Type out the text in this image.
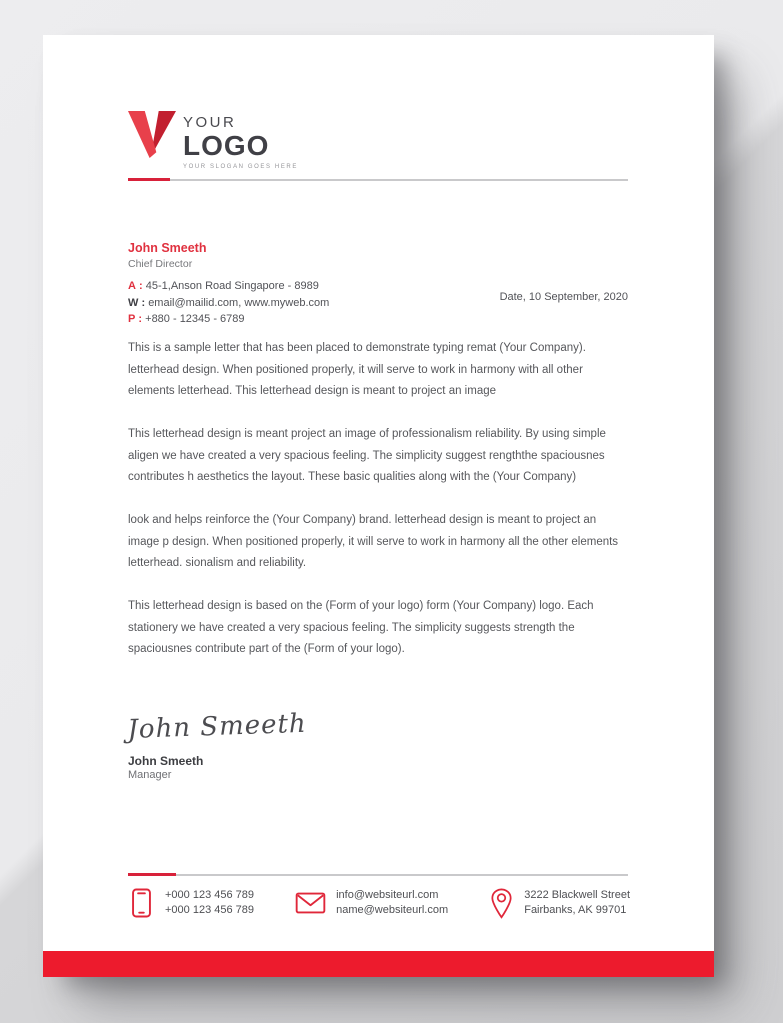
YOUR
LOGO
YOUR SLOGAN GOES HERE
John Smeeth
Chief Director
A : 45-1,Anson Road Singapore - 8989
W : email@mailid.com, www.myweb.com
P : +880 - 12345 - 6789
Date, 10 September, 2020

This is a sample letter that has been placed to demonstrate typing remat (Your Company). letterhead design. When positioned properly, it will serve to work in harmony with all other elements letterhead. This letterhead design is meant to project an image

This letterhead design is meant project an image of professionalism reliability. By using simple aligen we have created a very spacious feeling. The simplicity suggest rengththe spaciousnes contributes h aesthetics the layout. These basic qualities along with the (Your Company)

look and helps reinforce the (Your Company) brand. letterhead design is meant to project an image p design. When positioned properly, it will serve to work in harmony all the other elements letterhead. sionalism and reliability.

This letterhead design is based on the (Form of your logo) form (Your Company) logo. Each stationery we have created a very spacious feeling. The simplicity suggests strength the spaciousnes contribute part of the (Form of your logo).

John Smeeth
John Smeeth
Manager
+000 123 456 789
+000 123 456 789
info@websiteurl.com
name@websiteurl.com
3222 Blackwell Street
Fairbanks, AK 99701
